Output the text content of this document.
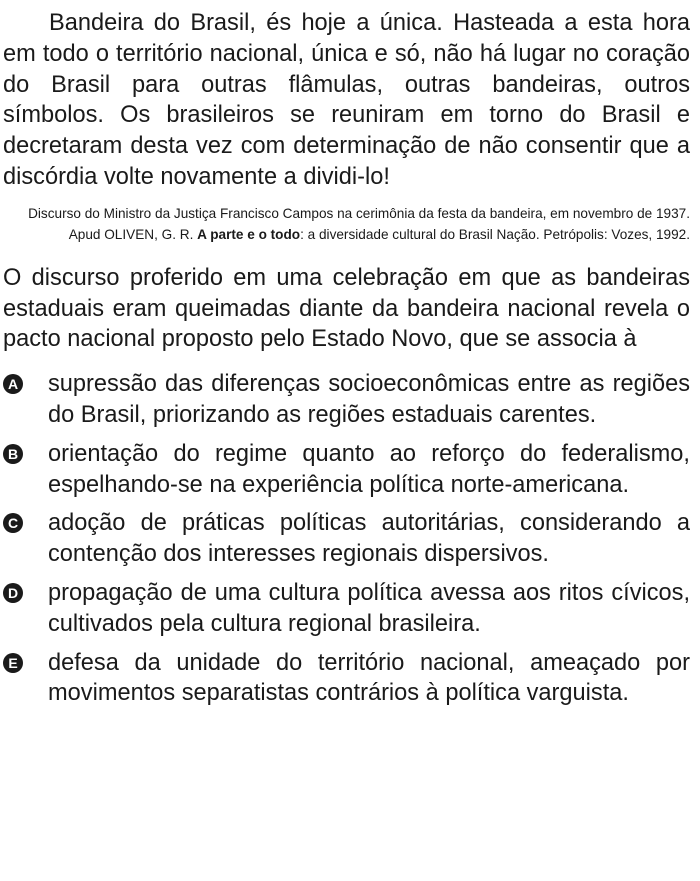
Bandeira do Brasil, és hoje a única. Hasteada a esta hora em todo o território nacional, única e só, não há lugar no coração do Brasil para outras flâmulas, outras bandeiras, outros símbolos. Os brasileiros se reuniram em torno do Brasil e decretaram desta vez com determinação de não consentir que a discórdia volte novamente a dividi-lo!

Discurso do Ministro da Justiça Francisco Campos na cerimônia da festa da bandeira, em novembro de 1937. Apud OLIVEN, G. R. A parte e o todo: a diversidade cultural do Brasil Nação. Petrópolis: Vozes, 1992.

O discurso proferido em uma celebração em que as bandeiras estaduais eram queimadas diante da bandeira nacional revela o pacto nacional proposto pelo Estado Novo, que se associa à

A supressão das diferenças socioeconômicas entre as regiões do Brasil, priorizando as regiões estaduais carentes.
B orientação do regime quanto ao reforço do federalismo, espelhando-se na experiência política norte-americana.
C adoção de práticas políticas autoritárias, considerando a contenção dos interesses regionais dispersivos.
D propagação de uma cultura política avessa aos ritos cívicos, cultivados pela cultura regional brasileira.
E defesa da unidade do território nacional, ameaçado por movimentos separatistas contrários à política varguista.
